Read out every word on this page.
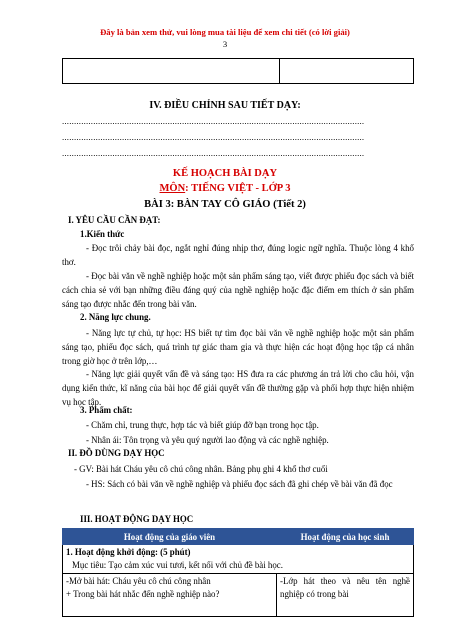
Đây là bản xem thử, vui lòng mua tài liệu để xem chi tiết (có lời giải)
3
IV. ĐIỀU CHỈNH SAU TIẾT DẠY:
..............................................................................................................................
..............................................................................................................................
..............................................................................................................................
KẾ HOẠCH BÀI DẠY
MÔN: TIẾNG VIỆT - LỚP 3
BÀI 3: BÀN TAY CÔ GIÁO (Tiết 2)
I. YÊU CẦU CẦN ĐẠT:
1.Kiến thức
- Đọc trôi chảy bài đọc, ngắt nghỉ đúng nhịp thơ, đúng logic ngữ nghĩa. Thuộc lòng 4 khổ thơ.
- Đọc bài văn về nghề nghiệp hoặc một sản phẩm sáng tạo, viết được phiếu đọc sách và biết cách chia sẻ với bạn những điều đáng quý của nghề nghiệp hoặc đặc điểm em thích ở sản phẩm sáng tạo được nhắc đến trong bài văn.
2. Năng lực chung.
- Năng lực tự chủ, tự học: HS biết tự tìm đọc bài văn về nghề nghiệp hoặc một sản phẩm sáng tạo, phiếu đọc sách, quá trình tự giác tham gia và thực hiện các hoạt động học tập cá nhân trong giờ học ở trên lớp,…
- Năng lực giải quyết vấn đề và sáng tạo: HS đưa ra các phương án trả lời cho câu hỏi, vận dụng kiến thức, kĩ năng của bài học để giải quyết vấn đề thường gặp và phối hợp thực hiện nhiệm vụ học tập.
3. Phẩm chất:
- Chăm chỉ, trung thực, hợp tác và biết giúp đỡ bạn trong học tập.
- Nhân ái: Tôn trọng và yêu quý người lao động và các nghề nghiệp.
II. ĐỒ DÙNG DẠY HỌC
- GV: Bài hát Cháu yêu cô chú công nhân. Bảng phụ ghi 4 khổ thơ cuối
- HS: Sách có bài văn về nghề nghiệp và phiếu đọc sách đã ghi chép về bài văn đã đọc
III. HOẠT ĐỘNG DẠY HỌC
Hoạt động của giáo viên	Hoạt động của học sinh

1. Hoạt động khởi động: (5 phút)
Mục tiêu: Tạo cảm xúc vui tươi, kết nối với chủ đề bài học.	

-Mở bài hát: Cháu yêu cô chú công nhân
+ Trong bài hát nhắc đến nghề nghiệp nào?	-Lớp hát theo và nêu tên nghề nghiệp có trong bài
